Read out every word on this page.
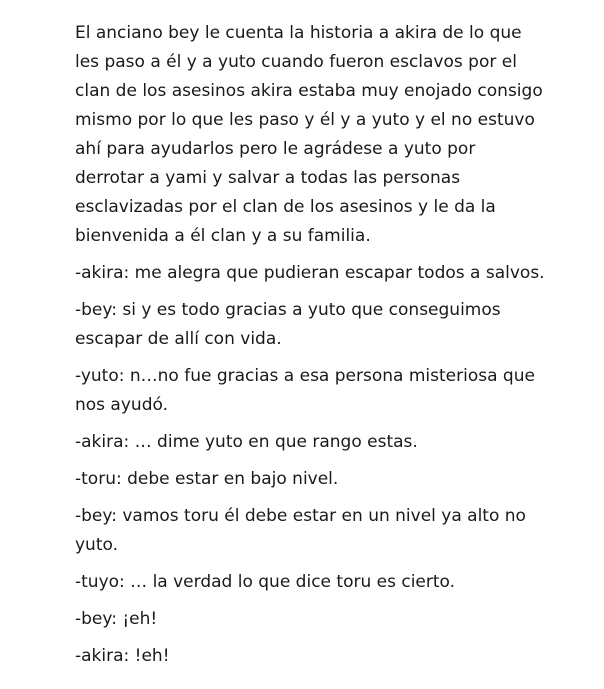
El anciano bey le cuenta la historia a akira de lo que les paso a él y a yuto cuando fueron esclavos por el clan de los asesinos akira estaba muy enojado consigo mismo por lo que les paso y él y a yuto y el no estuvo ahí para ayudarlos pero le agrádese a yuto por derrotar a yami y salvar a todas las personas esclavizadas por el clan de los asesinos y le da la bienvenida a él clan y a su familia.

-akira: me alegra que pudieran escapar todos a salvos.

-bey: si y es todo gracias a yuto que conseguimos escapar de allí con vida.

-yuto: n…no fue gracias a esa persona misteriosa que nos ayudó.

-akira: … dime yuto en que rango estas.

-toru: debe estar en bajo nivel.

-bey: vamos toru él debe estar en un nivel ya alto no yuto.

-tuyo: … la verdad lo que dice toru es cierto.

-bey: ¡eh!

-akira: !eh!
